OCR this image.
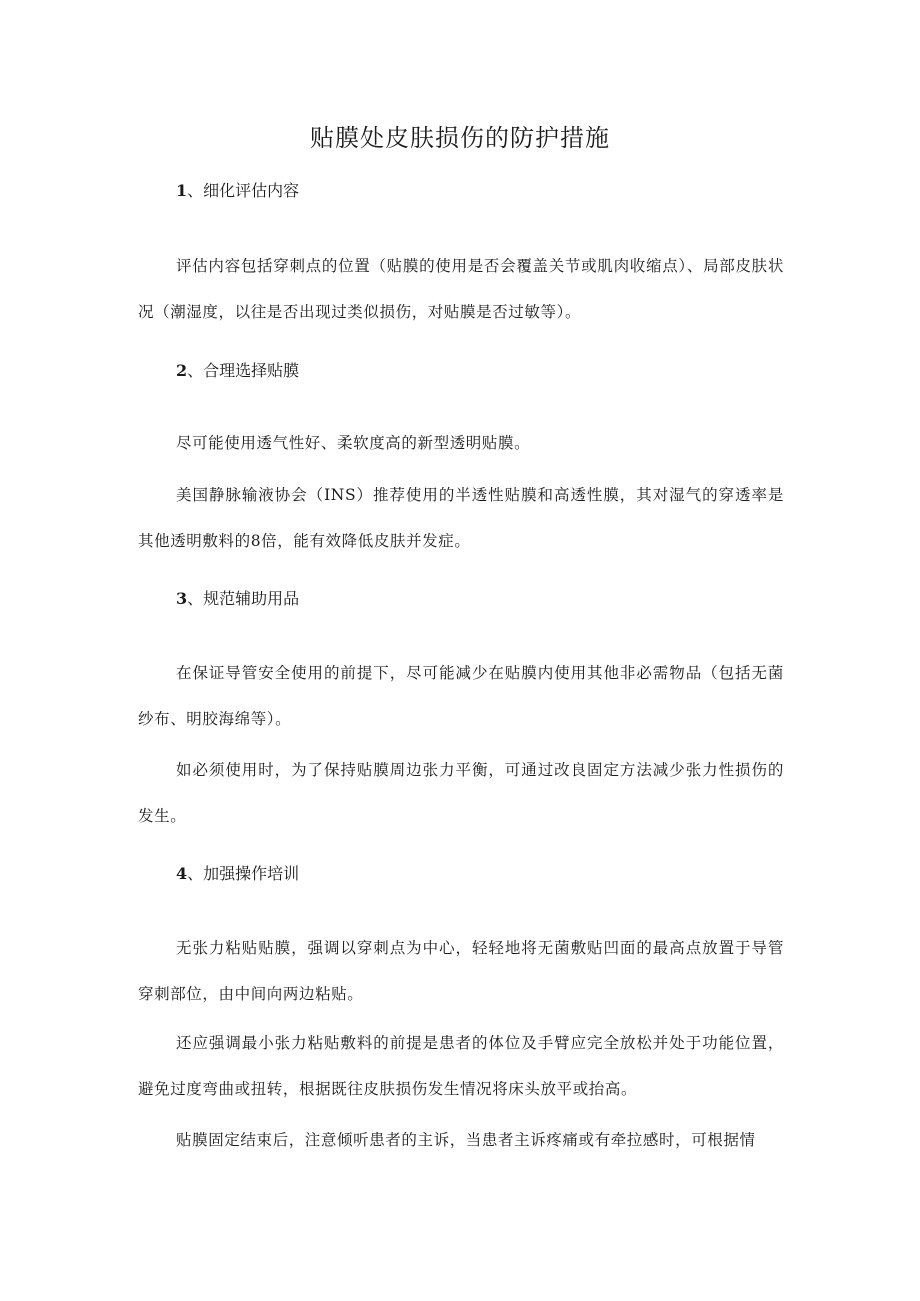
贴膜处皮肤损伤的防护措施
1、细化评估内容

评估内容包括穿刺点的位置（贴膜的使用是否会覆盖关节或肌肉收缩点）、局部皮肤状况（潮湿度，以往是否出现过类似损伤，对贴膜是否过敏等）。

2、合理选择贴膜

尽可能使用透气性好、柔软度高的新型透明贴膜。

美国静脉输液协会（INS）推荐使用的半透性贴膜和高透性膜，其对湿气的穿透率是其他透明敷料的8倍，能有效降低皮肤并发症。

3、规范辅助用品

在保证导管安全使用的前提下，尽可能减少在贴膜内使用其他非必需物品（包括无菌纱布、明胶海绵等）。

如必须使用时，为了保持贴膜周边张力平衡，可通过改良固定方法减少张力性损伤的发生。

4、加强操作培训

无张力粘贴贴膜，强调以穿刺点为中心，轻轻地将无菌敷贴凹面的最高点放置于导管穿刺部位，由中间向两边粘贴。

还应强调最小张力粘贴敷料的前提是患者的体位及手臂应完全放松并处于功能位置，避免过度弯曲或扭转，根据既往皮肤损伤发生情况将床头放平或抬高。

贴膜固定结束后，注意倾听患者的主诉，当患者主诉疼痛或有牵拉感时，可根据情
